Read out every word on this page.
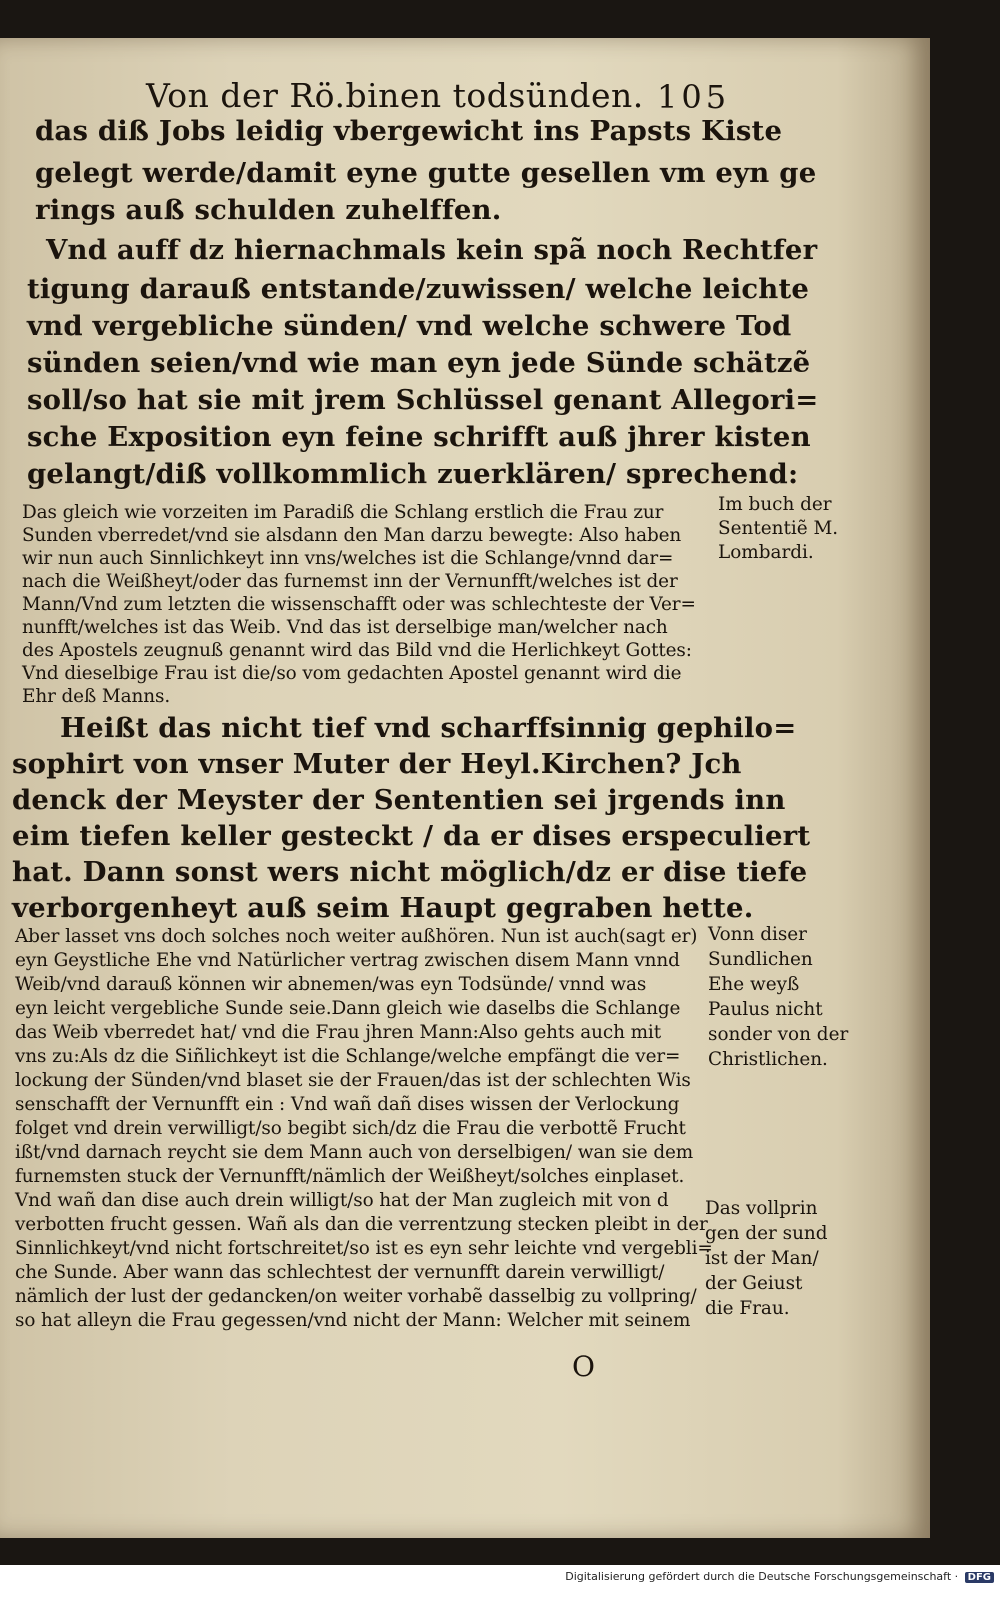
Von der Rö.binen todsünden. 105
das diß Jobs leidig vbergewicht ins Papsts Kiste
gelegt werde/damit eyne gutte gesellen vm eyn ge
rings auß schulden zuhelffen.
Vnd auff dz hiernachmals kein spã noch Rechtfer
tigung darauß entstande/zuwissen/ welche leichte
vnd vergebliche sünden/ vnd welche schwere Tod
sünden seien/vnd wie man eyn jede Sünde schätzẽ
soll/so hat sie mit jrem Schlüssel genant Allegori=
sche Exposition eyn feine schrifft auß jhrer kisten
gelangt/diß vollkommlich zuerklären/ sprechend:
Das gleich wie vorzeiten im Paradiß die Schlang erstlich die Frau zur
Sunden vberredet/vnd sie alsdann den Man darzu bewegte: Also haben
wir nun auch Sinnlichkeyt inn vns/welches ist die Schlange/vnnd dar=
nach die Weißheyt/oder das furnemst inn der Vernunfft/welches ist der
Mann/Vnd zum letzten die wissenschafft oder was schlechteste der Ver=
nunfft/welches ist das Weib. Vnd das ist derselbige man/welcher nach
des Apostels zeugnuß genannt wird das Bild vnd die Herlichkeyt Gottes:
Vnd dieselbige Frau ist die/so vom gedachten Apostel genannt wird die
Ehr deß Manns.
Im buch der
Sententiẽ M.
Lombardi.
Heißt das nicht tief vnd scharffsinnig gephilo=
sophirt von vnser Muter der Heyl.Kirchen? Jch
denck der Meyster der Sententien sei jrgends inn
eim tiefen keller gesteckt / da er dises erspeculiert
hat. Dann sonst wers nicht möglich/dz er dise tiefe
verborgenheyt auß seim Haupt gegraben hette.
Aber lasset vns doch solches noch weiter außhören. Nun ist auch(sagt er)
eyn Geystliche Ehe vnd Natürlicher vertrag zwischen disem Mann vnnd
Weib/vnd darauß können wir abnemen/was eyn Todsünde/ vnnd was
eyn leicht vergebliche Sunde seie.Dann gleich wie daselbs die Schlange
das Weib vberredet hat/ vnd die Frau jhren Mann:Also gehts auch mit
vns zu:Als dz die Siñlichkeyt ist die Schlange/welche empfängt die ver=
lockung der Sünden/vnd blaset sie der Frauen/das ist der schlechten Wis
senschafft der Vernunfft ein : Vnd wañ dañ dises wissen der Verlockung
folget vnd drein verwilligt/so begibt sich/dz die Frau die verbottẽ Frucht
ißt/vnd darnach reycht sie dem Mann auch von derselbigen/ wan sie dem
furnemsten stuck der Vernunfft/nämlich der Weißheyt/solches einplaset.
Vnd wañ dan dise auch drein willigt/so hat der Man zugleich mit von d
verbotten frucht gessen. Wañ als dan die verrentzung stecken pleibt in der
Sinnlichkeyt/vnd nicht fortschreitet/so ist es eyn sehr leichte vnd vergebli=
che Sunde. Aber wann das schlechtest der vernunfft darein verwilligt/
nämlich der lust der gedancken/on weiter vorhabẽ dasselbig zu vollpring/
so hat alleyn die Frau gegessen/vnd nicht der Mann: Welcher mit seinem
Vonn diser
Sundlichen
Ehe weyß
Paulus nicht
sonder von der
Christlichen.
Das vollprin
gen der sund
ist der Man/
der Geiust
die Frau.
O
Digitalisierung gefördert durch die Deutsche Forschungsgemeinschaft · DFG
